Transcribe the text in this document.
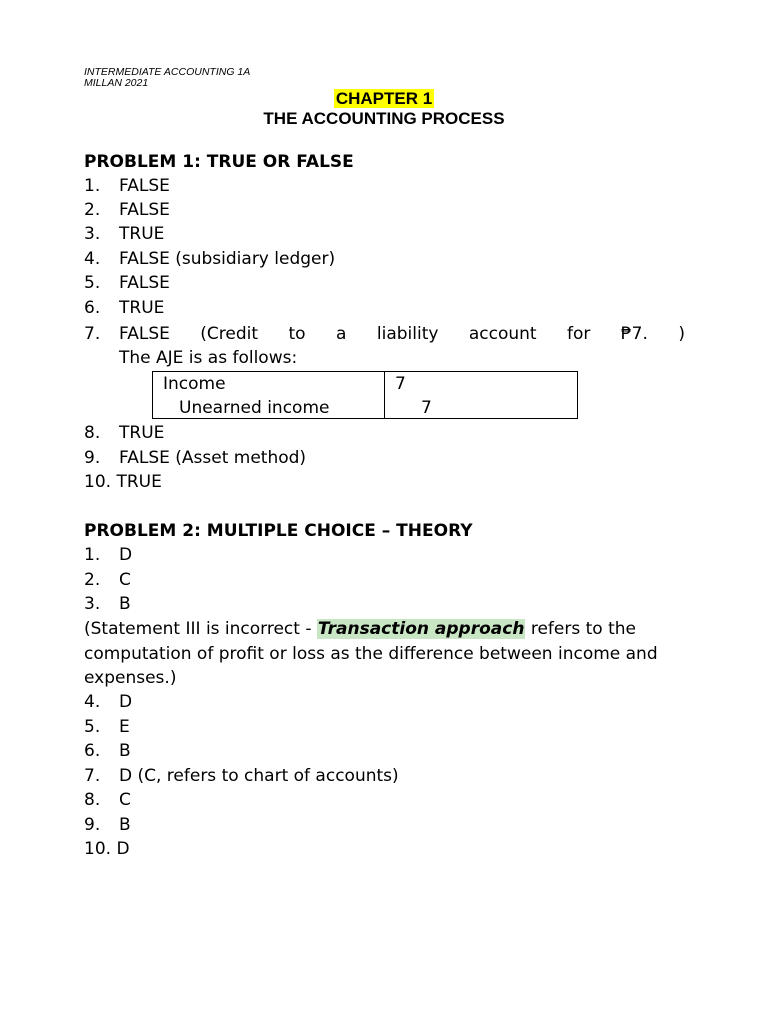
INTERMEDIATE ACCOUNTING 1A
MILLAN 2021
CHAPTER 1
THE ACCOUNTING PROCESS
PROBLEM 1: TRUE OR FALSE
1. FALSE
2. FALSE
3. TRUE
4. FALSE (subsidiary ledger)
5. FALSE
6. TRUE
7.	FALSE (Credit to a liability account for ₱7. )
The AJE is as follows:
Income	7
Unearned income	7
8. TRUE
9. FALSE (Asset method)
10. TRUE
PROBLEM 2: MULTIPLE CHOICE – THEORY
1. D
2. C
3. B
(Statement III is incorrect - Transaction approach refers to the computation of profit or loss as the difference between income and expenses.)
4. D
5. E
6. B
7. D (C, refers to chart of accounts)
8. C
9. B
10. D
